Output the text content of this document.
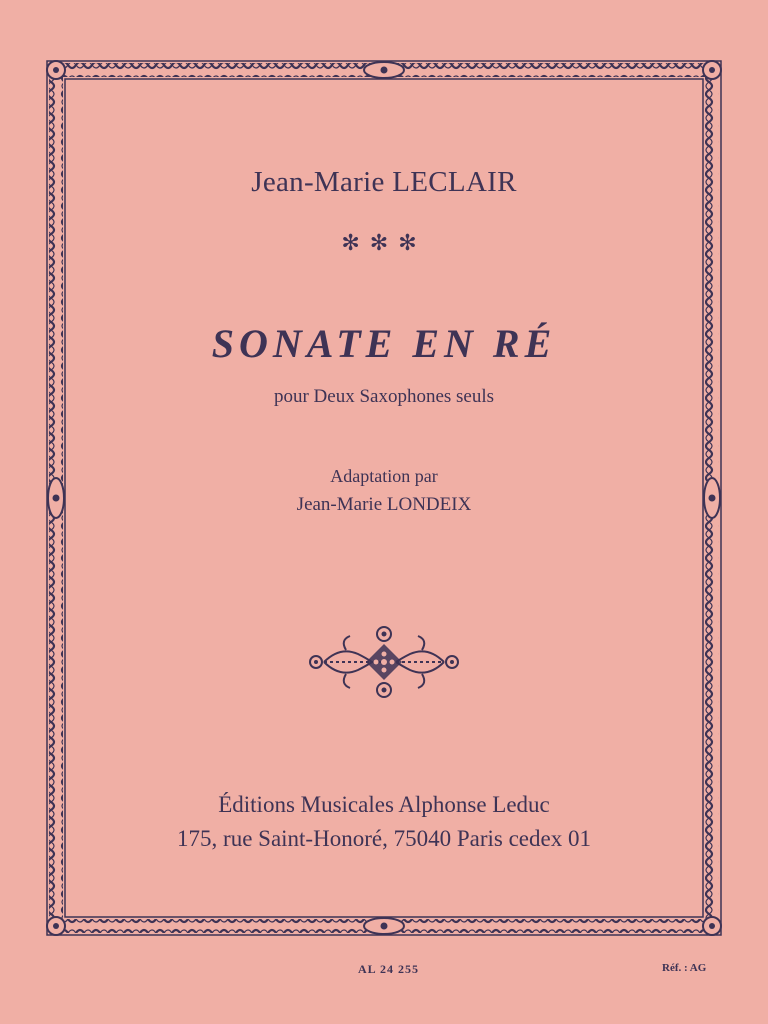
Jean-Marie LECLAIR
✻✻✻
SONATE EN RÉ
pour Deux Saxophones seuls
Adaptation par
Jean-Marie LONDEIX
Éditions Musicales Alphonse Leduc
175, rue Saint-Honoré, 75040 Paris cedex 01
AL 24 255	Réf. : AG
